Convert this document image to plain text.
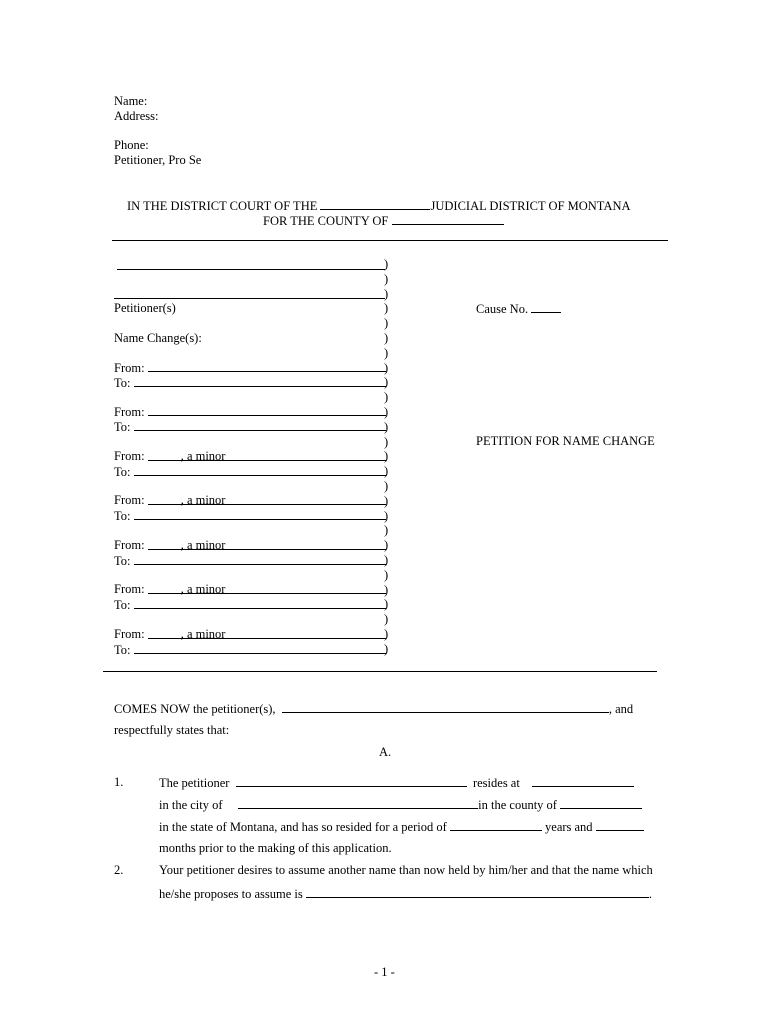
Name:
Address:
Phone:
Petitioner, Pro Se
IN THE DISTRICT COURT OF THE	JUDICIAL DISTRICT OF MONTANA
FOR THE COUNTY OF
Petitioner(s)
Name Change(s):
From:
To:
From:
To:
From:	, a minor
To:
From:	, a minor
To:
From:	, a minor
To:
From:	, a minor
To:
From:	, a minor
To:
)
)
)
)
)
)
)
)
)
)
)
)
)
)
)
)
)
)
)
)
)
)
)
)
)
)
)
Cause No.
PETITION FOR NAME CHANGE
COMES NOW the petitioner(s),	, and
respectfully states that:
A.
1.	The petitioner	resides at
in the city of	in the county of
in the state of Montana, and has so resided for a period of	years and
months prior to the making of this application.
2.	Your petitioner desires to assume another name than now held by him/her and that the name which
he/she proposes to assume is	.
- 1 -
